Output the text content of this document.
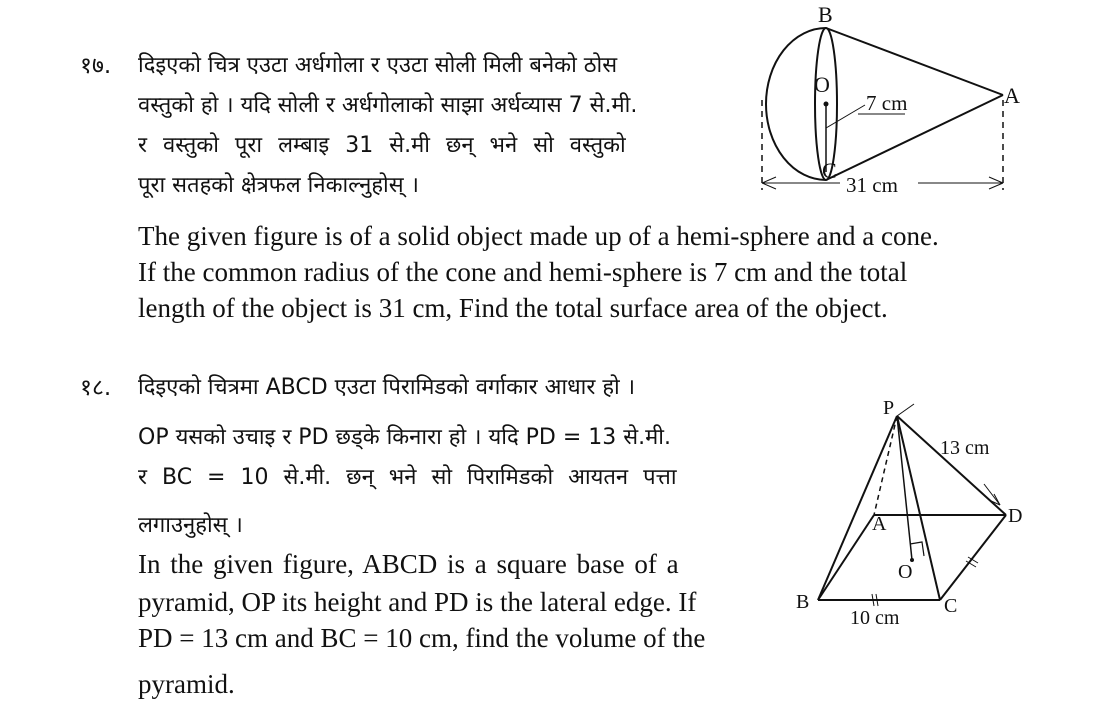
१७. दिइएको चित्र एउटा अर्धगोला र एउटा सोली मिली बनेको ठोस
वस्तुको हो । यदि सोली र अर्धगोलाको साझा अर्धव्यास 7 से.मी.
र वस्तुको पूरा लम्बाइ 31 से.मी छन् भने सो वस्तुको
पूरा सतहको क्षेत्रफल निकाल्नुहोस् ।
The given figure is of a solid object made up of a hemi-sphere and a cone.
If the common radius of the cone and hemi-sphere is 7 cm and the total
length of the object is 31 cm, Find the total surface area of the object.
B
O	A
C
7 cm
31 cm
१८. दिइएको चित्रमा ABCD एउटा पिरामिडको वर्गाकार आधार हो ।
OP यसको उचाइ र PD छड्के किनारा हो । यदि PD = 13 से.मी.
र BC = 10 से.मी. छन् भने सो पिरामिडको आयतन पत्ता
लगाउनुहोस् ।
In the given figure, ABCD is a square base of a
pyramid, OP its height and PD is the lateral edge. If
PD = 13 cm and BC = 10 cm, find the volume of the
pyramid.
P
A
B	C
D
O
13 cm
10 cm
